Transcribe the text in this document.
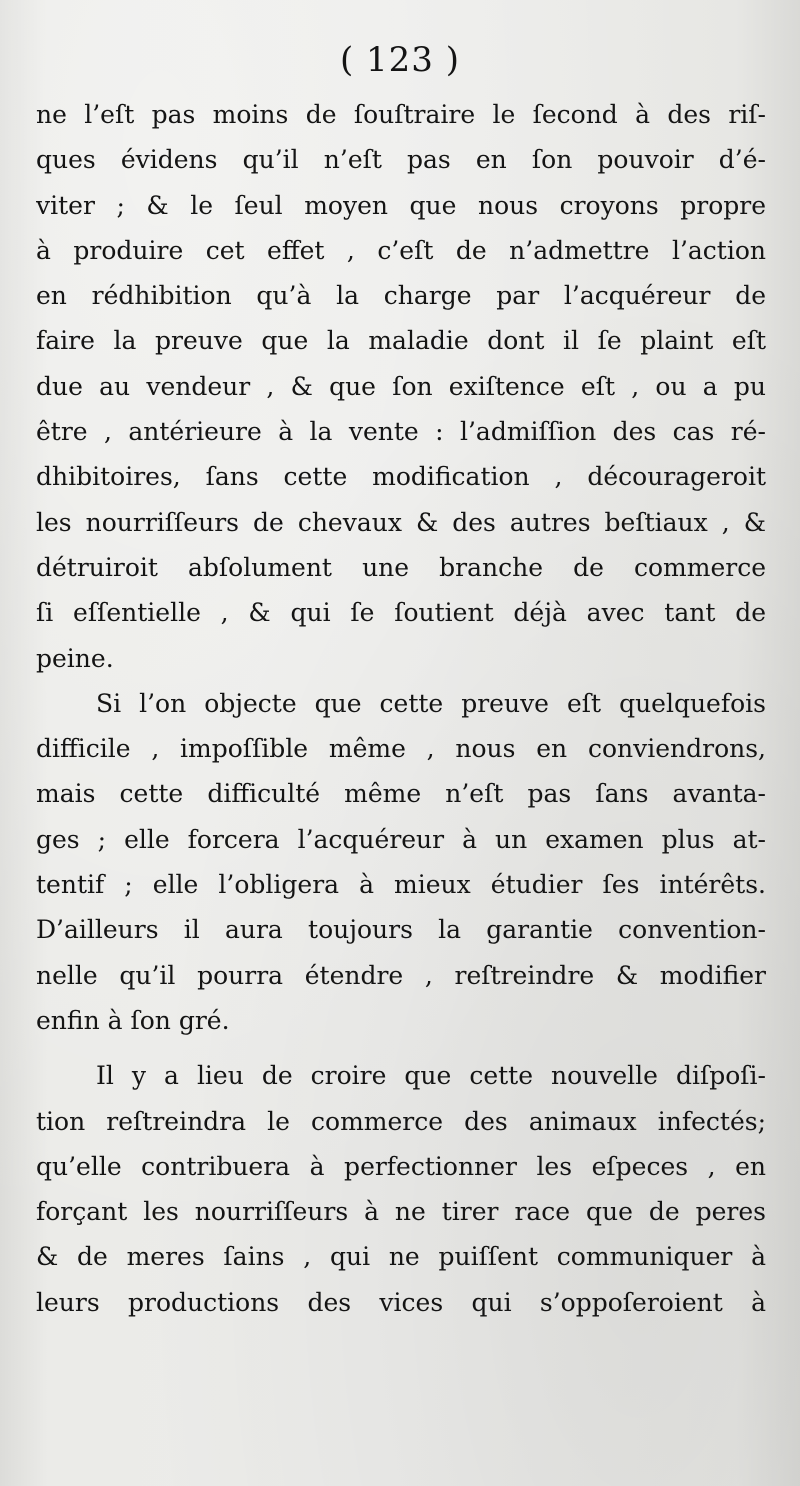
( 123 )
ne l’eſt pas moins de ſouſtraire le ſecond à des riſ-
ques évidens qu’il n’eſt pas en ſon pouvoir d’é-
viter ; & le ſeul moyen que nous croyons propre
à produire cet effet , c’eſt de n’admettre l’action
en rédhibition qu’à la charge par l’acquéreur de
faire la preuve que la maladie dont il ſe plaint eſt
due au vendeur , & que ſon exiſtence eſt , ou a pu
être , antérieure à la vente : l’admiſſion des cas ré-
dhibitoires, ſans cette modification , décourageroit
les nourriſſeurs de chevaux & des autres beſtiaux , &
détruiroit abſolument une branche de commerce
ſi eſſentielle , & qui ſe ſoutient déjà avec tant de
peine.
Si l’on objecte que cette preuve eſt quelquefois
difficile , impoſſible même , nous en conviendrons,
mais cette difficulté même n’eſt pas ſans avanta-
ges ; elle forcera l’acquéreur à un examen plus at-
tentif ; elle l’obligera à mieux étudier ſes intérêts.
D’ailleurs il aura toujours la garantie convention-
nelle qu’il pourra étendre , reſtreindre & modifier
enfin à ſon gré.
Il y a lieu de croire que cette nouvelle diſpoſi-
tion reſtreindra le commerce des animaux infectés;
qu’elle contribuera à perfectionner les eſpeces , en
forçant les nourriſſeurs à ne tirer race que de peres
& de meres ſains , qui ne puiſſent communiquer à
leurs productions des vices qui s’oppoſeroient à
